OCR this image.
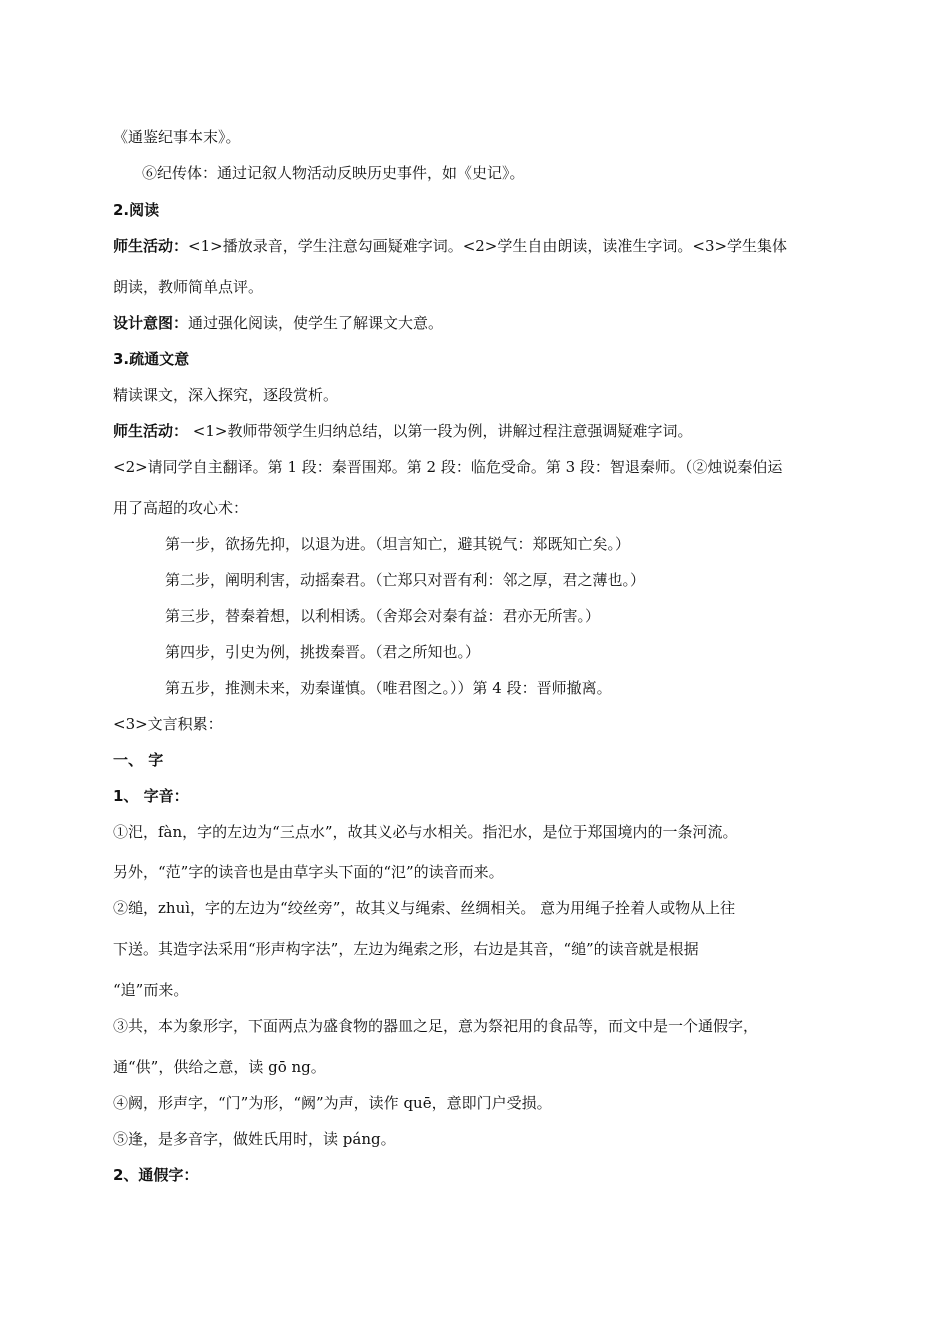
《通鉴纪事本末》。
⑥纪传体：通过记叙人物活动反映历史事件，如《史记》。
2.阅读
师生活动：<1>播放录音，学生注意勾画疑难字词。<2>学生自由朗读，读准生字词。<3>学生集体
朗读，教师简单点评。
设计意图：通过强化阅读，使学生了解课文大意。
3.疏通文意
精读课文，深入探究，逐段赏析。
师生活动： <1>教师带领学生归纳总结，以第一段为例，讲解过程注意强调疑难字词。
<2>请同学自主翻译。第 1 段：秦晋围郑。第 2 段：临危受命。第 3 段：智退秦师。（②烛说秦伯运
用了高超的攻心术：
第一步，欲扬先抑，以退为进。（坦言知亡，避其锐气：郑既知亡矣。）
第二步，阐明利害，动摇秦君。（亡郑只对晋有利：邻之厚，君之薄也。）
第三步，替秦着想，以利相诱。（舍郑会对秦有益：君亦无所害。）
第四步，引史为例，挑拨秦晋。（君之所知也。）
第五步，推测未来，劝秦谨慎。（唯君图之。））第 4 段：晋师撤离。
<3>文言积累：
一、 字
1、 字音：
①汜，fàn，字的左边为“三点水”，故其义必与水相关。指汜水，是位于郑国境内的一条河流。
另外，“范”字的读音也是由草字头下面的“氾”的读音而来。
②缒，zhuì，字的左边为“绞丝旁”，故其义与绳索、丝绸相关。 意为用绳子拴着人或物从上往
下送。其造字法采用“形声构字法”，左边为绳索之形，右边是其音，“缒”的读音就是根据
“追”而来。
③共，本为象形字，下面两点为盛食物的器皿之足，意为祭祀用的食品等，而文中是一个通假字，
通“供”，供给之意，读 gō ng。
④阙，形声字，“门”为形，“阙”为声，读作 quē，意即门户受损。
⑤逢，是多音字，做姓氏用时，读 páng。
2、通假字：
